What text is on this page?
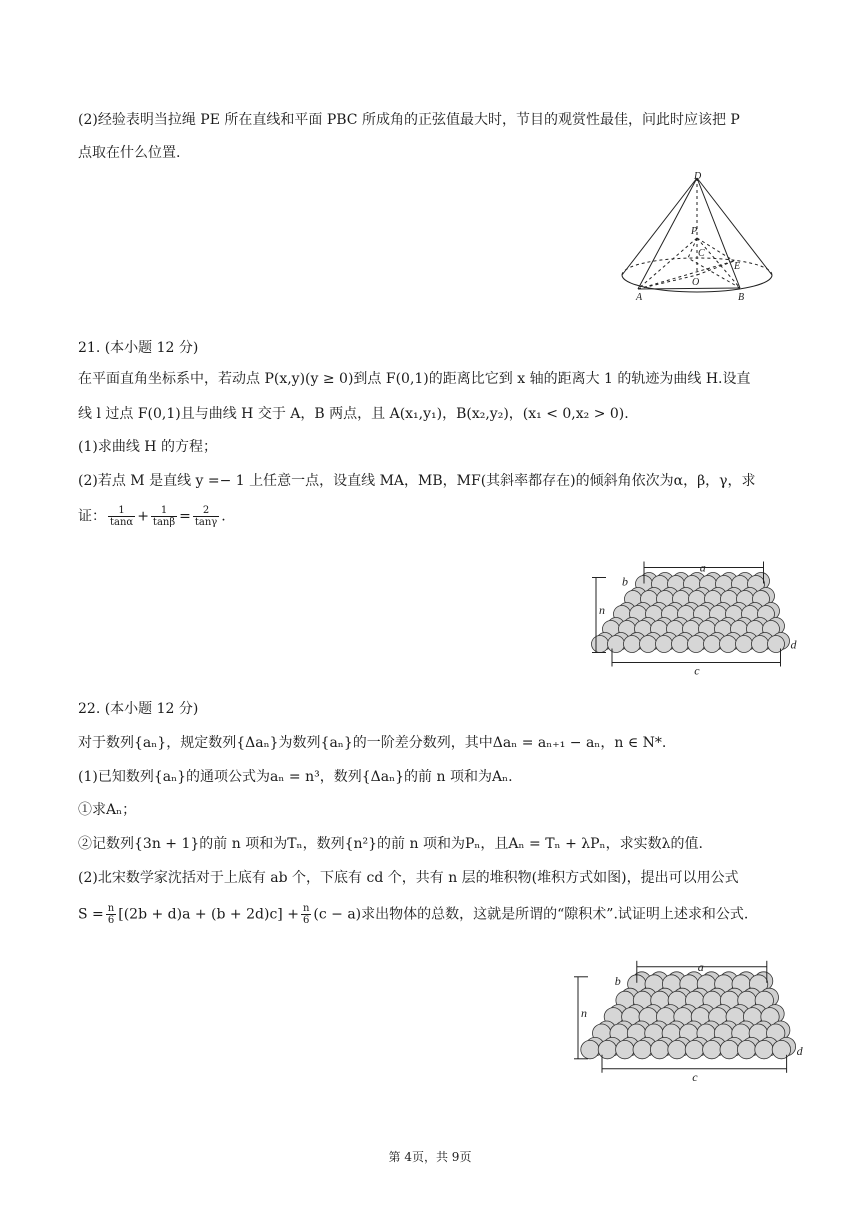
(2)经验表明当拉绳 PE 所在直线和平面 PBC 所成角的正弦值最大时，节目的观赏性最佳，问此时应该把 P
点取在什么位置.
D
P
C
E
O
A	B
21. (本小题 12 分)
在平面直角坐标系中，若动点 P(x,y)(y ≥ 0)到点 F(0,1)的距离比它到 x 轴的距离大 1 的轨迹为曲线 H.设直
线 l 过点 F(0,1)且与曲线 H 交于 A，B 两点，且 A(x₁,y₁)，B(x₂,y₂)，(x₁ < 0,x₂ > 0).
(1)求曲线 H 的方程；
(2)若点 M 是直线 y =− 1 上任意一点，设直线 MA，MB，MF(其斜率都存在)的倾斜角依次为α，β，γ，求
证： $\frac{1}{\tan\alpha} + \frac{1}{\tan\beta} = \frac{2}{\tan\gamma}$ .
a
b
n
c
d
22. (本小题 12 分)
对于数列{aₙ}，规定数列{Δaₙ}为数列{aₙ}的一阶差分数列，其中Δaₙ = aₙ₊₁ − aₙ，n ∈ N*.
(1)已知数列{aₙ}的通项公式为aₙ = n³，数列{Δaₙ}的前 n 项和为Aₙ.
①求Aₙ；
②记数列{3n + 1}的前 n 项和为Tₙ，数列{n²}的前 n 项和为Pₙ，且Aₙ = Tₙ + λPₙ，求实数λ的值.
(2)北宋数学家沈括对于上底有 ab 个，下底有 cd 个，共有 n 层的堆积物(堆积方式如图)，提出可以用公式
$S = \frac{n}{6} [(2b + d)a + (b + 2d)c] + \frac{n}{6} (c - a)$求出物体的总数，这就是所谓的“隙积术”.试证明上述求和公式.
a
b
n
c
d
第 4页，共 9页
